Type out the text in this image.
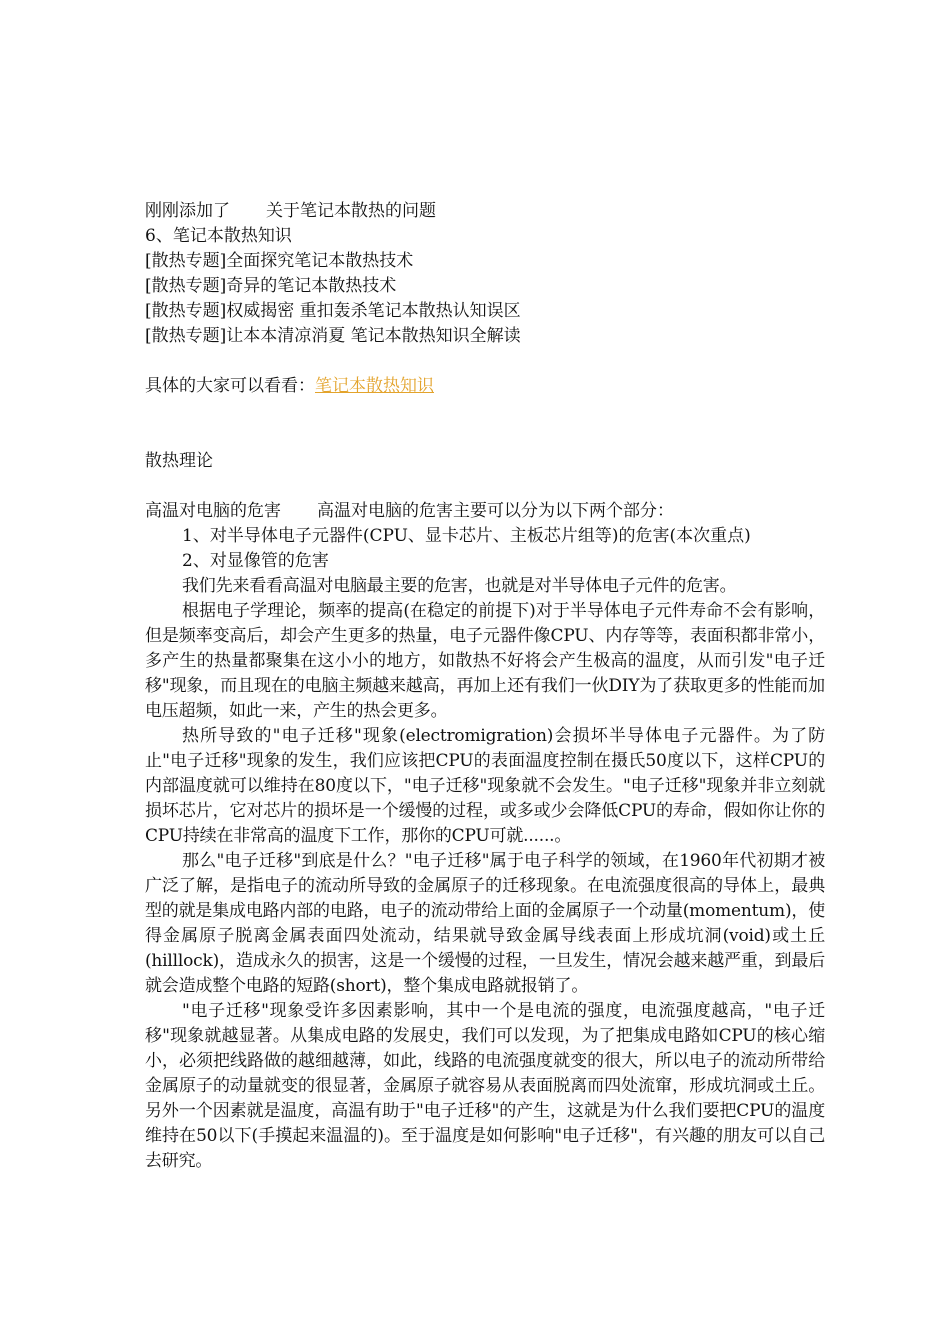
刚刚添加了 关于笔记本散热的问题
6、笔记本散热知识
[散热专题]全面探究笔记本散热技术
[散热专题]奇异的笔记本散热技术
[散热专题]权威揭密 重扣轰杀笔记本散热认知误区
[散热专题]让本本清凉消夏 笔记本散热知识全解读
具体的大家可以看看：笔记本散热知识
散热理论
高温对电脑的危害 高温对电脑的危害主要可以分为以下两个部分：
1、对半导体电子元器件(CPU、显卡芯片、主板芯片组等)的危害(本次重点)
2、对显像管的危害

我们先来看看高温对电脑最主要的危害，也就是对半导体电子元件的危害。

根据电子学理论，频率的提高(在稳定的前提下)对于半导体电子元件寿命不会有影响，但是频率变高后，却会产生更多的热量，电子元器件像CPU、内存等等，表面积都非常小，多产生的热量都聚集在这小小的地方，如散热不好将会产生极高的温度，从而引发"电子迁移"现象，而且现在的电脑主频越来越高，再加上还有我们一伙DIY为了获取更多的性能而加电压超频，如此一来，产生的热会更多。

热所导致的"电子迁移"现象(electromigration)会损坏半导体电子元器件。为了防止"电子迁移"现象的发生，我们应该把CPU的表面温度控制在摄氏50度以下，这样CPU的内部温度就可以维持在80度以下，"电子迁移"现象就不会发生。"电子迁移"现象并非立刻就损坏芯片，它对芯片的损坏是一个缓慢的过程，或多或少会降低CPU的寿命，假如你让你的CPU持续在非常高的温度下工作，那你的CPU可就......。

那么"电子迁移"到底是什么？"电子迁移"属于电子科学的领域，在1960年代初期才被广泛了解，是指电子的流动所导致的金属原子的迁移现象。在电流强度很高的导体上，最典型的就是集成电路内部的电路，电子的流动带给上面的金属原子一个动量(momentum)，使得金属原子脱离金属表面四处流动，结果就导致金属导线表面上形成坑洞(void)或土丘(hilllock)，造成永久的损害，这是一个缓慢的过程，一旦发生，情况会越来越严重，到最后就会造成整个电路的短路(short)，整个集成电路就报销了。

"电子迁移"现象受许多因素影响，其中一个是电流的强度，电流强度越高，"电子迁移"现象就越显著。从集成电路的发展史，我们可以发现，为了把集成电路如CPU的核心缩小，必须把线路做的越细越薄，如此，线路的电流强度就变的很大，所以电子的流动所带给金属原子的动量就变的很显著，金属原子就容易从表面脱离而四处流窜，形成坑洞或土丘。另外一个因素就是温度，高温有助于"电子迁移"的产生，这就是为什么我们要把CPU的温度维持在50以下(手摸起来温温的)。至于温度是如何影响"电子迁移"，有兴趣的朋友可以自己去研究。
